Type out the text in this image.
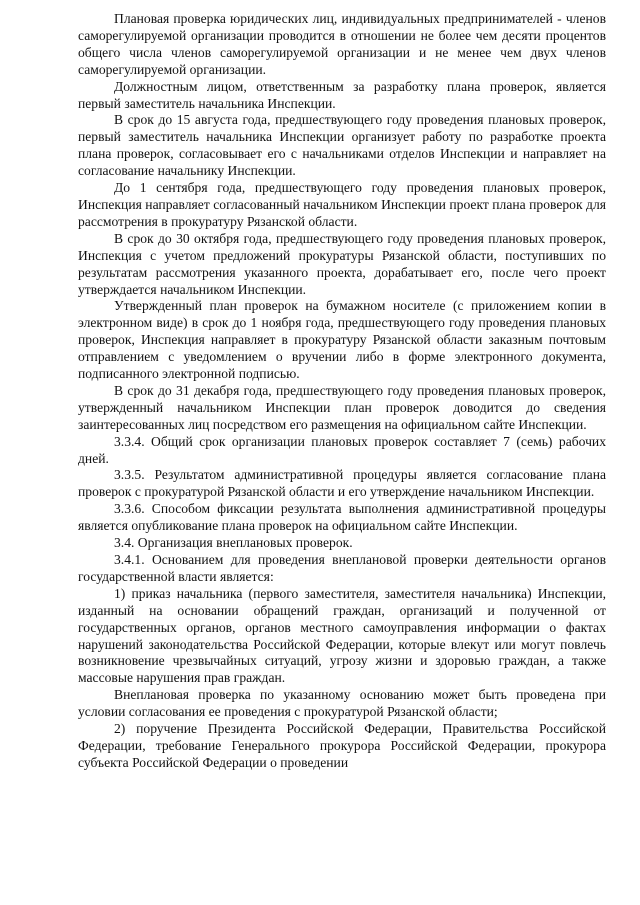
Плановая проверка юридических лиц, индивидуальных предпринимателей - членов саморегулируемой организации проводится в отношении не более чем десяти процентов общего числа членов саморегулируемой организации и не менее чем двух членов саморегулируемой организации.

Должностным лицом, ответственным за разработку плана проверок, является первый заместитель начальника Инспекции.

В срок до 15 августа года, предшествующего году проведения плановых проверок, первый заместитель начальника Инспекции организует работу по разработке проекта плана проверок, согласовывает его с начальниками отделов Инспекции и направляет на согласование начальнику Инспекции.

До 1 сентября года, предшествующего году проведения плановых проверок, Инспекция направляет согласованный начальником Инспекции проект плана проверок для рассмотрения в прокуратуру Рязанской области.

В срок до 30 октября года, предшествующего году проведения плановых проверок, Инспекция с учетом предложений прокуратуры Рязанской области, поступивших по результатам рассмотрения указанного проекта, дорабатывает его, после чего проект утверждается начальником Инспекции.

Утвержденный план проверок на бумажном носителе (с приложением копии в электронном виде) в срок до 1 ноября года, предшествующего году проведения плановых проверок, Инспекция направляет в прокуратуру Рязанской области заказным почтовым отправлением с уведомлением о вручении либо в форме электронного документа, подписанного электронной подписью.

В срок до 31 декабря года, предшествующего году проведения плановых проверок, утвержденный начальником Инспекции план проверок доводится до сведения заинтересованных лиц посредством его размещения на официальном сайте Инспекции.

3.3.4. Общий срок организации плановых проверок составляет 7 (семь) рабочих дней.

3.3.5. Результатом административной процедуры является согласование плана проверок с прокуратурой Рязанской области и его утверждение начальником Инспекции.

3.3.6. Способом фиксации результата выполнения административной процедуры является опубликование плана проверок на официальном сайте Инспекции.

3.4. Организация внеплановых проверок.

3.4.1. Основанием для проведения внеплановой проверки деятельности органов государственной власти является:

1) приказ начальника (первого заместителя, заместителя начальника) Инспекции, изданный на основании обращений граждан, организаций и полученной от государственных органов, органов местного самоуправления информации о фактах нарушений законодательства Российской Федерации, которые влекут или могут повлечь возникновение чрезвычайных ситуаций, угрозу жизни и здоровью граждан, а также массовые нарушения прав граждан.

Внеплановая проверка по указанному основанию может быть проведена при условии согласования ее проведения с прокуратурой Рязанской области;

2) поручение Президента Российской Федерации, Правительства Российской Федерации, требование Генерального прокурора Российской Федерации, прокурора субъекта Российской Федерации о проведении
